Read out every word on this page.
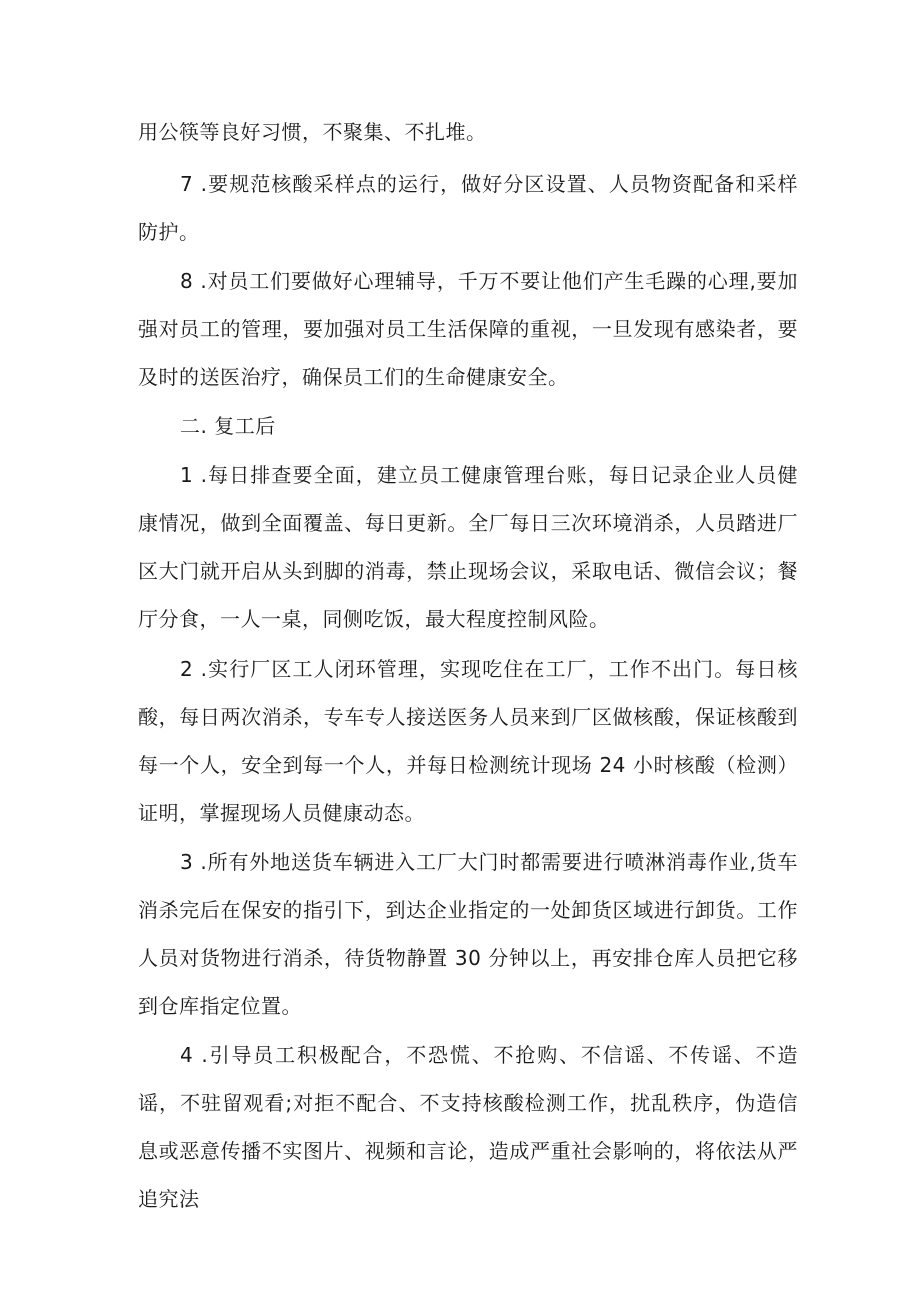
用公筷等良好习惯，不聚集、不扎堆。

7 .要规范核酸采样点的运行，做好分区设置、人员物资配备和采样防护。

8 .对员工们要做好心理辅导，千万不要让他们产生毛躁的心理,要加强对员工的管理，要加强对员工生活保障的重视，一旦发现有感染者，要及时的送医治疗，确保员工们的生命健康安全。

二. 复工后

1 .每日排查要全面，建立员工健康管理台账，每日记录企业人员健康情况，做到全面覆盖、每日更新。全厂每日三次环境消杀，人员踏进厂区大门就开启从头到脚的消毒，禁止现场会议，采取电话、微信会议；餐厅分食，一人一桌，同侧吃饭，最大程度控制风险。

2 .实行厂区工人闭环管理，实现吃住在工厂，工作不出门。每日核酸，每日两次消杀，专车专人接送医务人员来到厂区做核酸，保证核酸到每一个人，安全到每一个人，并每日检测统计现场 24 小时核酸（检测）证明，掌握现场人员健康动态。

3 .所有外地送货车辆进入工厂大门时都需要进行喷淋消毒作业,货车消杀完后在保安的指引下，到达企业指定的一处卸货区域进行卸货。工作人员对货物进行消杀，待货物静置 30 分钟以上，再安排仓库人员把它移到仓库指定位置。

4 .引导员工积极配合，不恐慌、不抢购、不信谣、不传谣、不造谣，不驻留观看;对拒不配合、不支持核酸检测工作，扰乱秩序，伪造信息或恶意传播不实图片、视频和言论，造成严重社会影响的，将依法从严追究法
